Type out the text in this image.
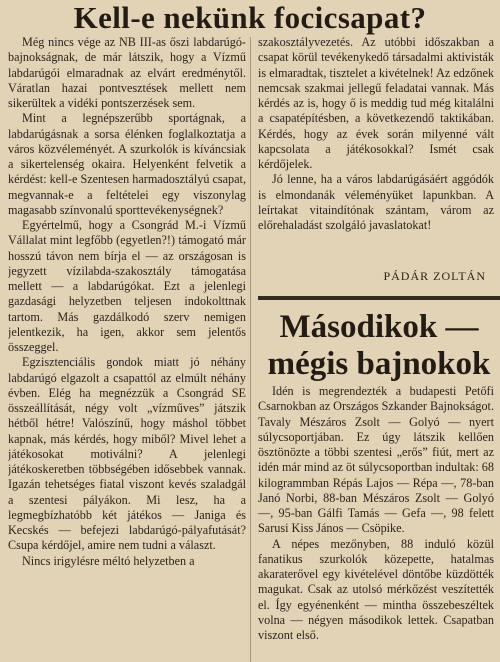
Kell-e nekünk focicsapat?

Még nincs vége az NB III-as őszi labdarúgó-bajnokságnak, de már látszik, hogy a Vízmű labdarúgói elmaradnak az elvárt eredménytől. Váratlan hazai pontvesztések mellett nem sikerültek a vidéki pontszerzések sem.

Mint a legnépszerűbb sportágnak, a labdarúgásnak a sorsa élénken foglalkoztatja a város közvéleményét. A szurkolók is kíváncsiak a sikertelenség okaira. Helyenként felvetik a kérdést: kell-e Szentesen harmadosztályú csapat, megvannak-e a feltételei egy viszonylag magasabb színvonalú sporttevékenységnek?

Egyértelmű, hogy a Csongrád M.-i Vízmű Vállalat mint legfőbb (egyetlen?!) támogató már hosszú távon nem bírja el — az országosan is jegyzett vízilabda-szakosztály támogatása mellett — a labdarúgókat. Ezt a jelenlegi gazdasági helyzetben teljesen indokolttnak tartom. Más gazdálkodó szerv nemigen jelentkezik, ha igen, akkor sem jelentős összeggel.

Egzisztenciális gondok miatt jó néhány labdarúgó elgazolt a csapattól az elmúlt néhány évben. Elég ha megnézzük a Csongrád SE összeállítását, négy volt „vízműves” játszik hétből hétre! Valószínű, hogy máshol többet kapnak, más kérdés, hogy miből? Mivel lehet a játékosokat motiválni? A jelenlegi játékoskeretben többségében idősebbek vannak. Igazán tehetséges fiatal viszont kevés szaladgál a szentesi pályákon. Mi lesz, ha a legmegbízhatóbb két játékos — Janiga és Kecskés — befejezi labdarúgó-pályafutását? Csupa kérdőjel, amire nem tudni a választ.

Nincs irigylésre méltó helyzetben a

szakosztályvezetés. Az utóbbi időszakban a csapat körül tevékenykedő társadalmi aktivisták is elmaradtak, tisztelet a kivételnek! Az edzőnek nemcsak szakmai jellegű feladatai vannak. Más kérdés az is, hogy ő is meddig tud még kitalálni a csapatépítésben, a következendő taktikában. Kérdés, hogy az évek során milyenné vált kapcsolata a játékosokkal? Ismét csak kérdőjelek.

Jó lenne, ha a város labdarúgásáért aggódók is elmondanák véleményüket lapunkban. A leírtakat vitaindítónak szántam, várom az előrehaladást szolgáló javaslatokat!

PÁDÁR ZOLTÁN
Másodikok —
mégis bajnokok

Idén is megrendezték a budapesti Petőfi Csarnokban az Országos Szkander Bajnokságot. Tavaly Mészáros Zsolt — Golyó — nyert súlycsoportjában. Ez úgy látszik kellően ösztönözte a többi szentesi „erős” fiút, mert az idén már mind az öt súlycsoportban indultak: 68 kilogrammban Répás Lajos — Répa —, 78-ban Janó Norbi, 88-ban Mészáros Zsolt — Golyó —, 95-ban Gálfi Tamás — Gefa —, 98 felett Sarusi Kiss János — Csöpike.

A népes mezőnyben, 88 induló közül fanatikus szurkolók közepette, hatalmas akaraterővel egy kivételével döntőbe küzdötték magukat. Csak az utolsó mérkőzést veszítették el. Így egyénenként — mintha összebeszéltek volna — négyen másodikok lettek. Csapatban viszont első.
